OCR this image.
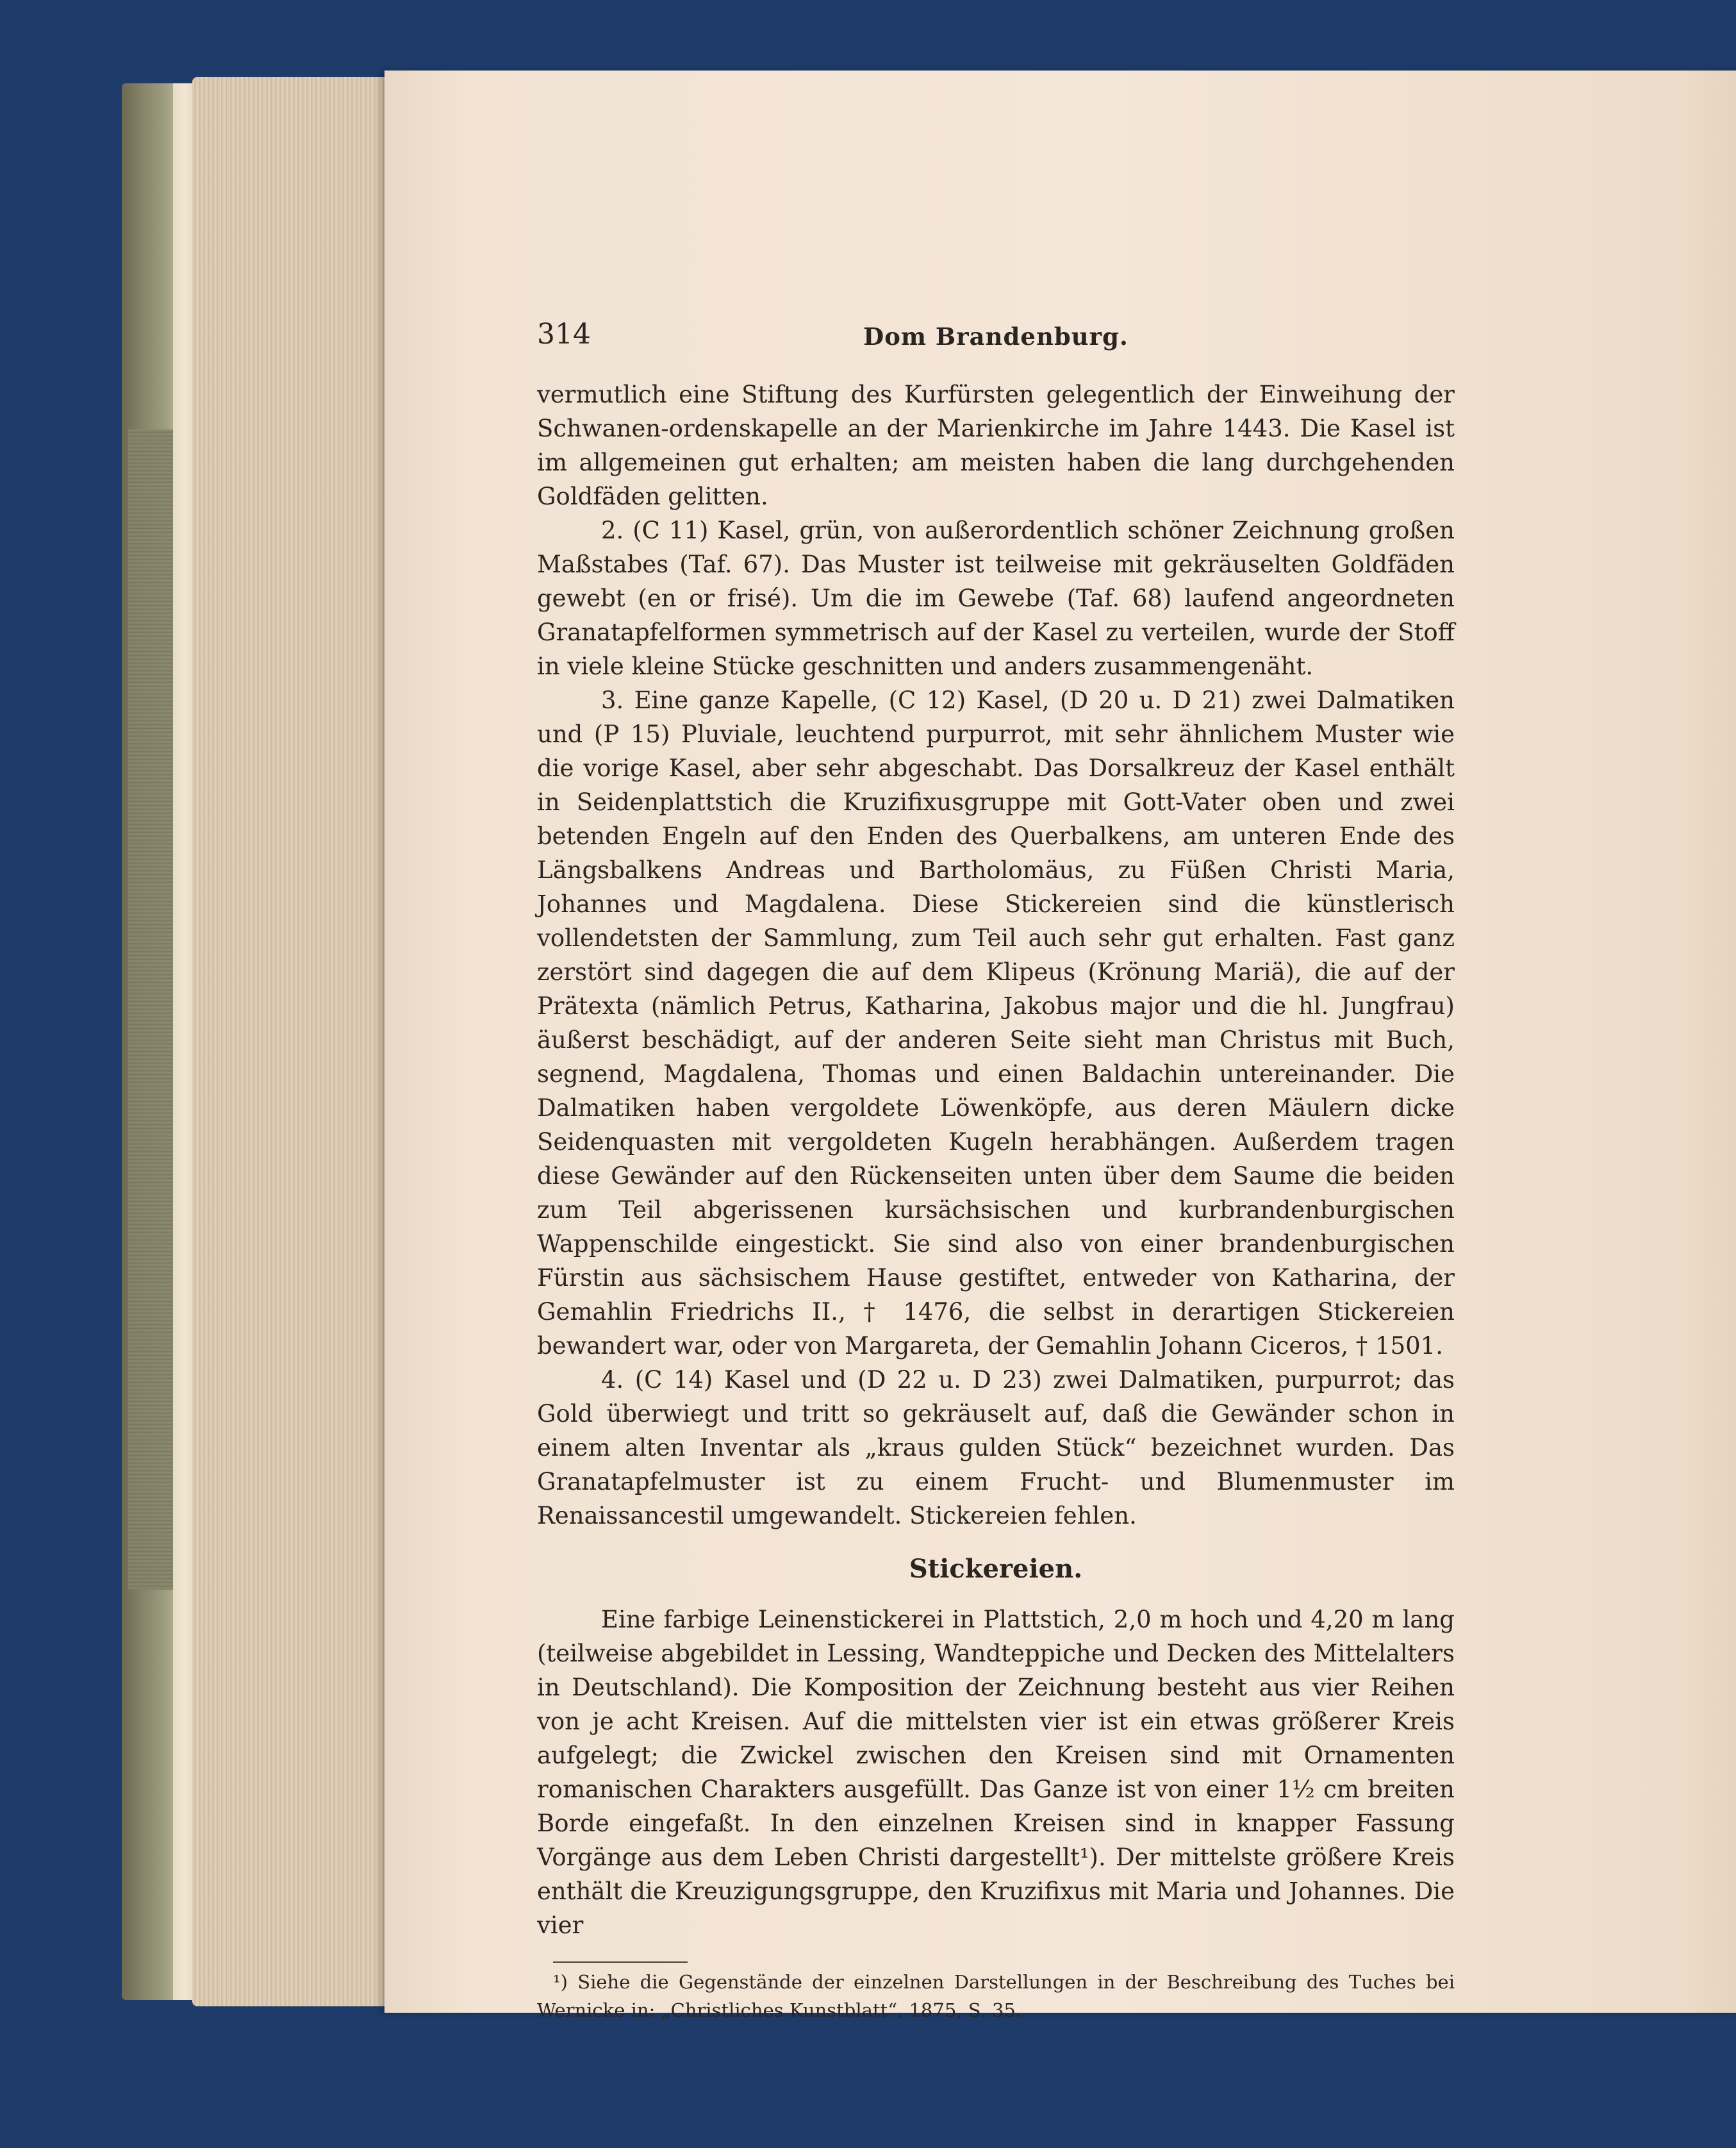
314	Dom Brandenburg.

vermutlich eine Stiftung des Kurfürsten gelegentlich der Einweihung der Schwanen-ordenskapelle an der Marienkirche im Jahre 1443. Die Kasel ist im allgemeinen gut erhalten; am meisten haben die lang durchgehenden Goldfäden gelitten.

2. (C 11) Kasel, grün, von außerordentlich schöner Zeichnung großen Maßstabes (Taf. 67). Das Muster ist teilweise mit gekräuselten Goldfäden gewebt (en or frisé). Um die im Gewebe (Taf. 68) laufend angeordneten Granatapfelformen symmetrisch auf der Kasel zu verteilen, wurde der Stoff in viele kleine Stücke geschnitten und anders zusammengenäht.

3. Eine ganze Kapelle, (C 12) Kasel, (D 20 u. D 21) zwei Dalmatiken und (P 15) Pluviale, leuchtend purpurrot, mit sehr ähnlichem Muster wie die vorige Kasel, aber sehr abgeschabt. Das Dorsalkreuz der Kasel enthält in Seidenplattstich die Kruzifixusgruppe mit Gott-Vater oben und zwei betenden Engeln auf den Enden des Querbalkens, am unteren Ende des Längsbalkens Andreas und Bartholomäus, zu Füßen Christi Maria, Johannes und Magdalena. Diese Stickereien sind die künstlerisch vollendetsten der Sammlung, zum Teil auch sehr gut erhalten. Fast ganz zerstört sind dagegen die auf dem Klipeus (Krönung Mariä), die auf der Prätexta (nämlich Petrus, Katharina, Jakobus major und die hl. Jungfrau) äußerst beschädigt, auf der anderen Seite sieht man Christus mit Buch, segnend, Magdalena, Thomas und einen Baldachin untereinander. Die Dalmatiken haben vergoldete Löwenköpfe, aus deren Mäulern dicke Seidenquasten mit vergoldeten Kugeln herabhängen. Außerdem tragen diese Gewänder auf den Rückenseiten unten über dem Saume die beiden zum Teil abgerissenen kursächsischen und kurbrandenburgischen Wappenschilde eingestickt. Sie sind also von einer brandenburgischen Fürstin aus sächsischem Hause gestiftet, entweder von Katharina, der Gemahlin Friedrichs II., † 1476, die selbst in derartigen Stickereien bewandert war, oder von Margareta, der Gemahlin Johann Ciceros, † 1501.

4. (C 14) Kasel und (D 22 u. D 23) zwei Dalmatiken, purpurrot; das Gold überwiegt und tritt so gekräuselt auf, daß die Gewänder schon in einem alten Inventar als „kraus gulden Stück“ bezeichnet wurden. Das Granatapfelmuster ist zu einem Frucht- und Blumenmuster im Renaissancestil umgewandelt. Stickereien fehlen.

Stickereien.

Eine farbige Leinenstickerei in Plattstich, 2,0 m hoch und 4,20 m lang (teilweise abgebildet in Lessing, Wandteppiche und Decken des Mittelalters in Deutschland). Die Komposition der Zeichnung besteht aus vier Reihen von je acht Kreisen. Auf die mittelsten vier ist ein etwas größerer Kreis aufgelegt; die Zwickel zwischen den Kreisen sind mit Ornamenten romanischen Charakters ausgefüllt. Das Ganze ist von einer 1½ cm breiten Borde eingefaßt. In den einzelnen Kreisen sind in knapper Fassung Vorgänge aus dem Leben Christi dargestellt¹). Der mittelste größere Kreis enthält die Kreuzigungsgruppe, den Kruzifixus mit Maria und Johannes. Die vier

¹) Siehe die Gegenstände der einzelnen Darstellungen in der Beschreibung des Tuches bei Wernicke in: „Christliches Kunstblatt“, 1875, S. 35.
